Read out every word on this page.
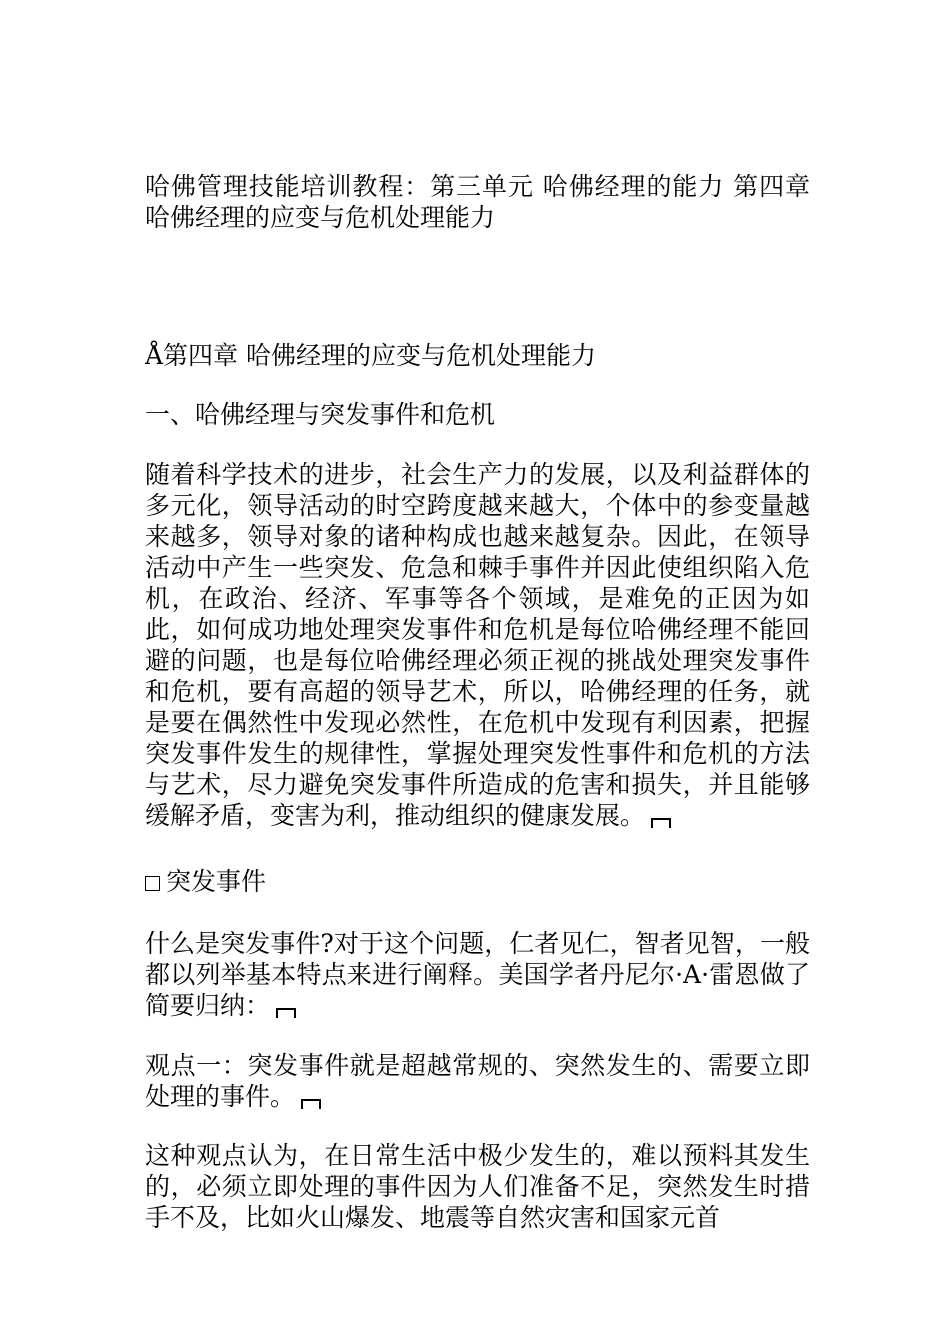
哈佛管理技能培训教程：第三单元 哈佛经理的能力 第四章 哈佛经理的应变与危机处理能力
Å第四章 哈佛经理的应变与危机处理能力
一、哈佛经理与突发事件和危机

随着科学技术的进步，社会生产力的发展，以及利益群体的多元化，领导活动的时空跨度越来越大，个体中的参变量越来越多，领导对象的诸种构成也越来越复杂。因此，在领导活动中产生一些突发、危急和棘手事件并因此使组织陷入危机，在政治、经济、军事等各个领域，是难免的正因为如此，如何成功地处理突发事件和危机是每位哈佛经理不能回避的问题，也是每位哈佛经理必须正视的挑战处理突发事件和危机，要有高超的领导艺术，所以，哈佛经理的任务，就是要在偶然性中发现必然性，在危机中发现有利因素，把握突发事件发生的规律性，掌握处理突发性事件和危机的方法与艺术，尽力避免突发事件所造成的危害和损失，并且能够缓解矛盾，变害为利，推动组织的健康发展。

突发事件

什么是突发事件?对于这个问题，仁者见仁，智者见智，一般都以列举基本特点来进行阐释。美国学者丹尼尔·A·雷恩做了简要归纳：

观点一：突发事件就是超越常规的、突然发生的、需要立即处理的事件。

这种观点认为，在日常生活中极少发生的，难以预料其发生的，必须立即处理的事件因为人们准备不足，突然发生时措手不及，比如火山爆发、地震等自然灾害和国家元首
